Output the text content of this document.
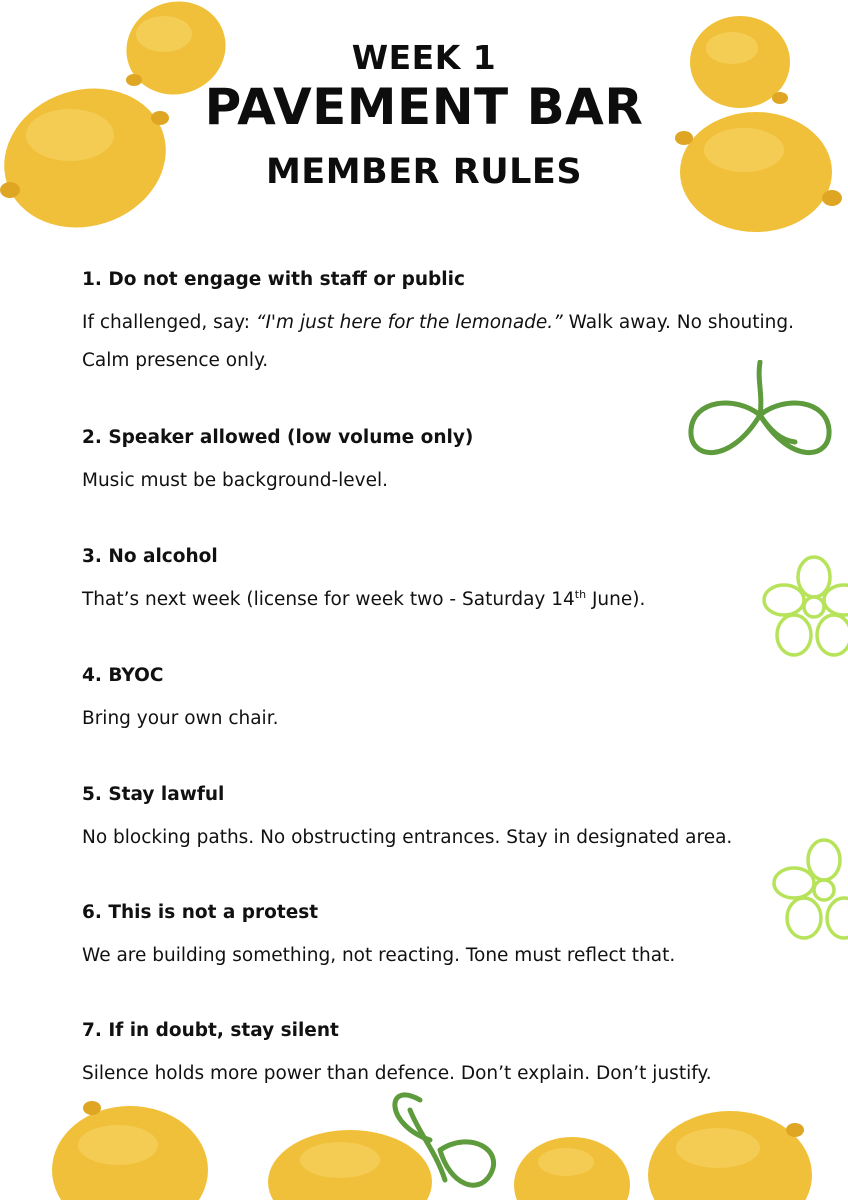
WEEK 1
PAVEMENT BAR
MEMBER RULES
1. Do not engage with staff or public

If challenged, say: “I'm just here for the lemonade.” Walk away. No shouting. Calm presence only.

2. Speaker allowed (low volume only)

Music must be background-level.

3. No alcohol

That’s next week (license for week two - Saturday 14th June).

4. BYOC

Bring your own chair.

5. Stay lawful

No blocking paths. No obstructing entrances. Stay in designated area.

6. This is not a protest

We are building something, not reacting. Tone must reflect that.

7. If in doubt, stay silent

Silence holds more power than defence. Don’t explain. Don’t justify.
